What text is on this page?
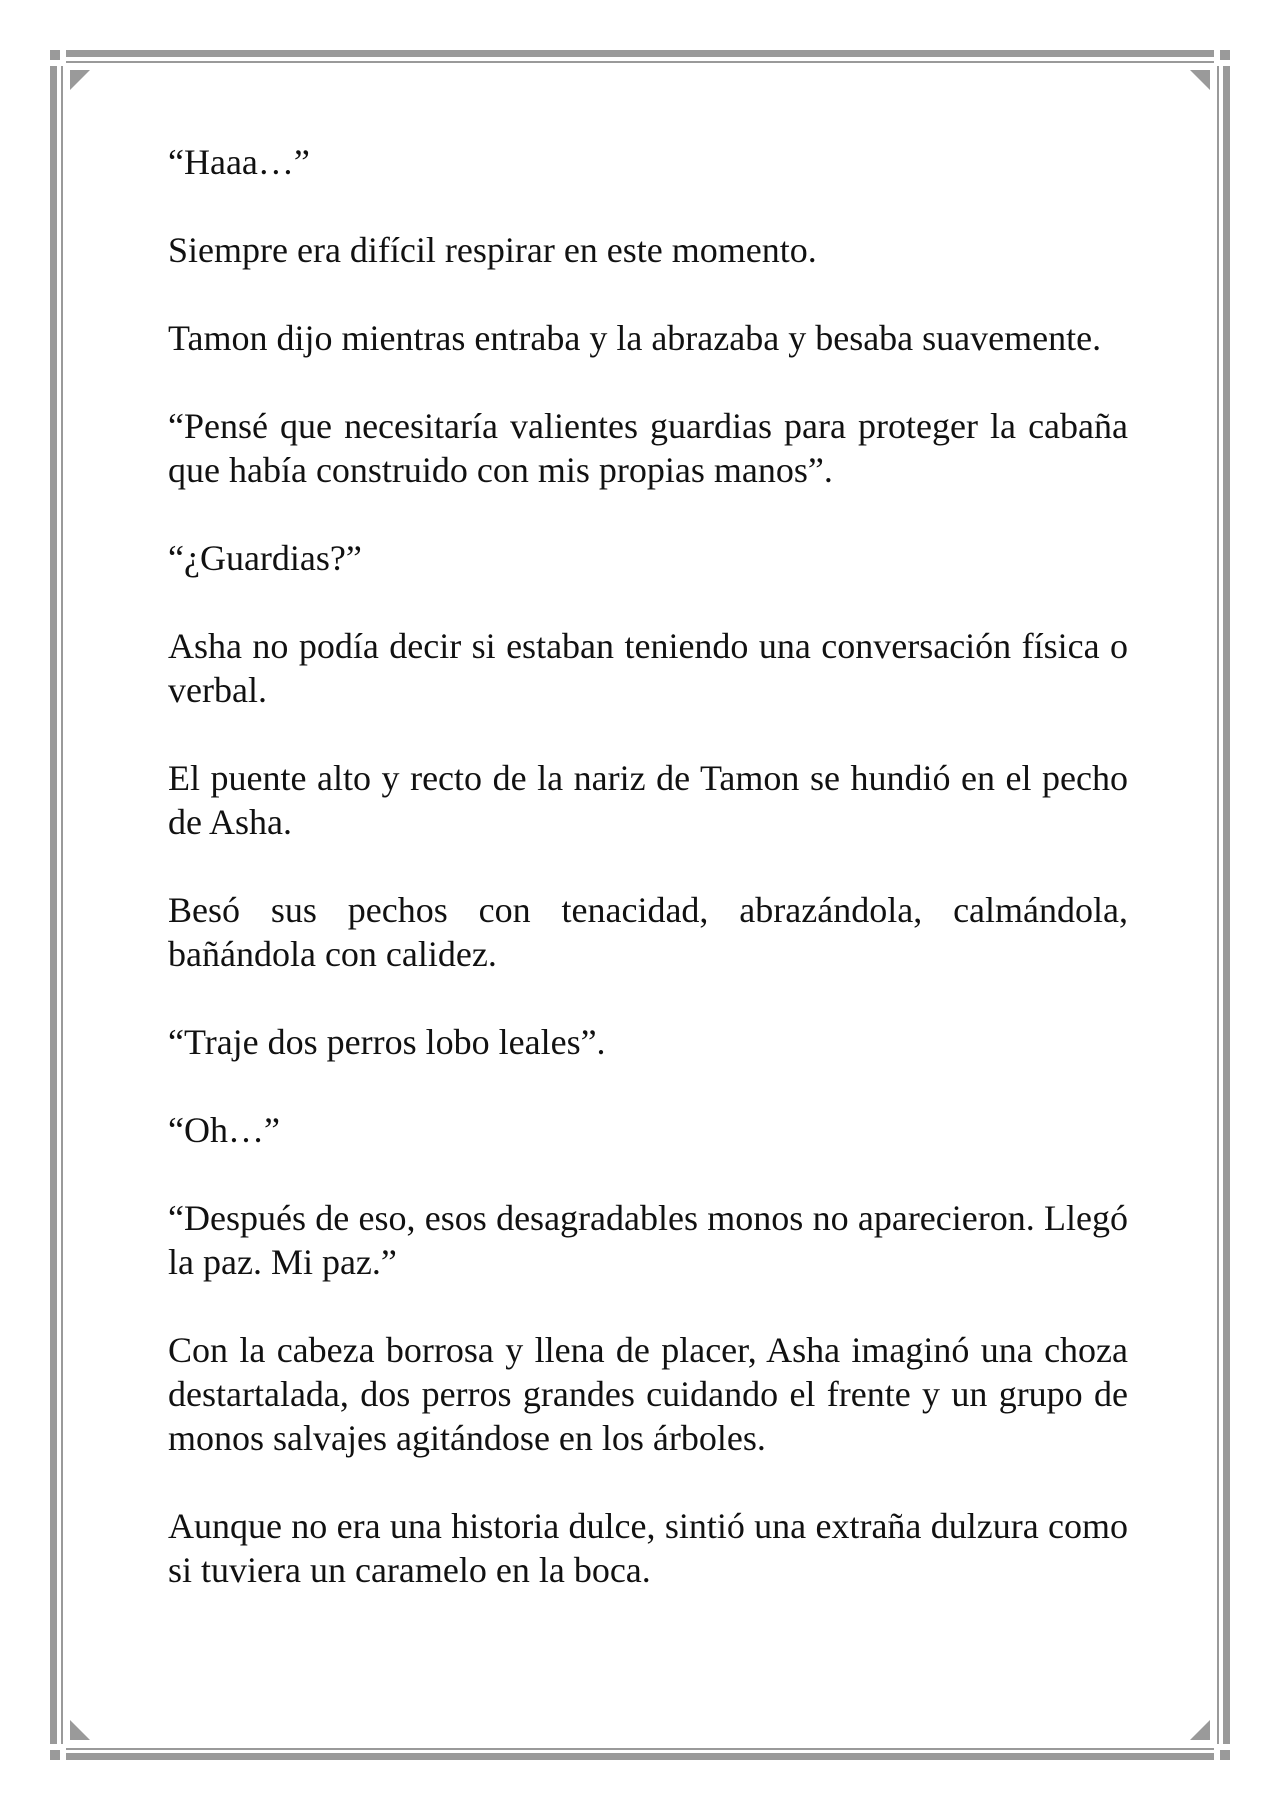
“Haaa…”

Siempre era difícil respirar en este momento.

Tamon dijo mientras entraba y la abrazaba y besaba suavemente.

“Pensé que necesitaría valientes guardias para proteger la cabaña que había construido con mis propias manos”.

“¿Guardias?”

Asha no podía decir si estaban teniendo una conversación física o verbal.

El puente alto y recto de la nariz de Tamon se hundió en el pecho de Asha.

Besó sus pechos con tenacidad, abrazándola, calmándola, bañándola con calidez.

“Traje dos perros lobo leales”.

“Oh…”

“Después de eso, esos desagradables monos no aparecieron. Llegó la paz. Mi paz.”

Con la cabeza borrosa y llena de placer, Asha imaginó una choza destartalada, dos perros grandes cuidando el frente y un grupo de monos salvajes agitándose en los árboles.

Aunque no era una historia dulce, sintió una extraña dulzura como si tuviera un caramelo en la boca.
